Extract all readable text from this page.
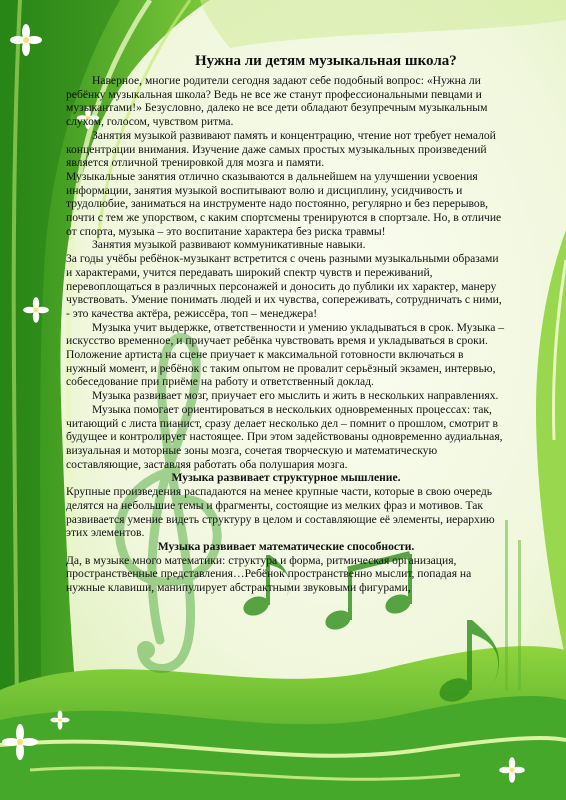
Нужна ли детям музыкальная школа?

Наверное, многие родители сегодня задают себе подобный вопрос: «Нужна ли ребёнку музыкальная школа? Ведь не все же станут профессиональными певцами и музыкантами!» Безусловно, далеко не все дети обладают безупречным музыкальным слухом, голосом, чувством ритма.

Занятия музыкой развивают память и концентрацию, чтение нот требует немалой концентрации внимания. Изучение даже самых простых музыкальных произведений является отличной тренировкой для мозга и памяти.

Музыкальные занятия отлично сказываются в дальнейшем на улучшении усвоения информации, занятия музыкой воспитывают волю и дисциплину, усидчивость и трудолюбие, заниматься на инструменте надо постоянно, регулярно и без перерывов, почти с тем же упорством, с каким спортсмены тренируются в спортзале. Но, в отличие от спорта, музыка – это воспитание характера без риска травмы!

Занятия музыкой развивают коммуникативные навыки.

За годы учёбы ребёнок-музыкант встретится с очень разными музыкальными образами и характерами, учится передавать широкий спектр чувств и переживаний, перевоплощаться в различных персонажей и доносить до публики их характер, манеру чувствовать. Умение понимать людей и их чувства, сопереживать, сотрудничать с ними, - это качества актёра, режиссёра, топ – менеджера!

Музыка учит выдержке, ответственности и умению укладываться в срок. Музыка – искусство временное, и приучает ребёнка чувствовать время и укладываться в сроки. Положение артиста на сцене приучает к максимальной готовности включаться в нужный момент, и ребёнок с таким опытом не провалит серьёзный экзамен, интервью, собеседование при приёме на работу и ответственный доклад.

Музыка развивает мозг, приучает его мыслить и жить в нескольких направлениях.

Музыка помогает ориентироваться в нескольких одновременных процессах: так, читающий с листа пианист, сразу делает несколько дел – помнит о прошлом, смотрит в будущее и контролирует настоящее. При этом задействованы одновременно аудиальная, визуальная и моторные зоны мозга, сочетая творческую и математическую составляющие, заставляя работать оба полушария мозга.

Музыка развивает структурное мышление.

Крупные произведения распадаются на менее крупные части, которые в свою очередь делятся на небольшие темы и фрагменты, состоящие из мелких фраз и мотивов. Так развивается умение видеть структуру в целом и составляющие её элементы, иерархию этих элементов.

Музыка развивает математические способности.

Да, в музыке много математики: структура и форма, ритмическая организация, пространственные представления…Ребёнок пространственно мыслит, попадая на нужные клавиши, манипулирует абстрактными звуковыми фигурами,
